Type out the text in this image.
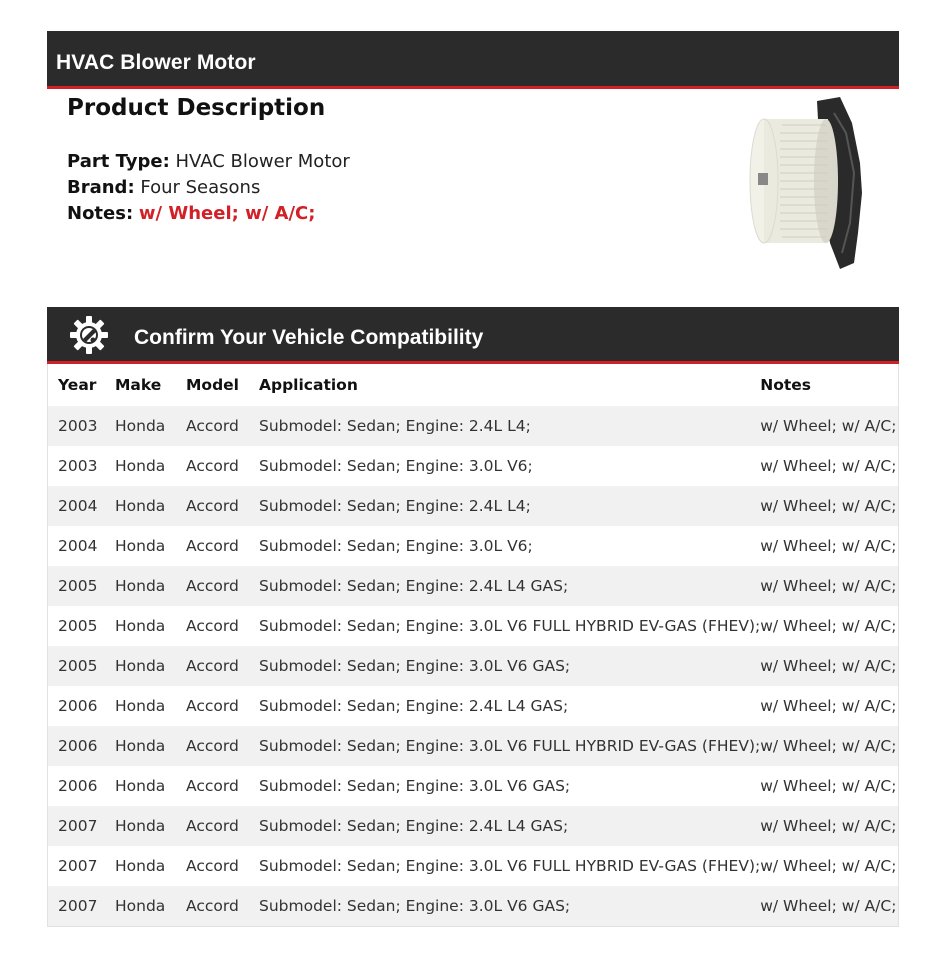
HVAC Blower Motor
Product Description
Part Type: HVAC Blower Motor
Brand: Four Seasons
Notes: w/ Wheel; w/ A/C;
Confirm Your Vehicle Compatibility
Year	Make	Model	Application	Notes
2003	Honda	Accord	Submodel: Sedan; Engine: 2.4L L4;	w/ Wheel; w/ A/C;
2003	Honda	Accord	Submodel: Sedan; Engine: 3.0L V6;	w/ Wheel; w/ A/C;
2004	Honda	Accord	Submodel: Sedan; Engine: 2.4L L4;	w/ Wheel; w/ A/C;
2004	Honda	Accord	Submodel: Sedan; Engine: 3.0L V6;	w/ Wheel; w/ A/C;
2005	Honda	Accord	Submodel: Sedan; Engine: 2.4L L4 GAS;	w/ Wheel; w/ A/C;
2005	Honda	Accord	Submodel: Sedan; Engine: 3.0L V6 FULL HYBRID EV-GAS (FHEV);	w/ Wheel; w/ A/C;
2005	Honda	Accord	Submodel: Sedan; Engine: 3.0L V6 GAS;	w/ Wheel; w/ A/C;
2006	Honda	Accord	Submodel: Sedan; Engine: 2.4L L4 GAS;	w/ Wheel; w/ A/C;
2006	Honda	Accord	Submodel: Sedan; Engine: 3.0L V6 FULL HYBRID EV-GAS (FHEV);	w/ Wheel; w/ A/C;
2006	Honda	Accord	Submodel: Sedan; Engine: 3.0L V6 GAS;	w/ Wheel; w/ A/C;
2007	Honda	Accord	Submodel: Sedan; Engine: 2.4L L4 GAS;	w/ Wheel; w/ A/C;
2007	Honda	Accord	Submodel: Sedan; Engine: 3.0L V6 FULL HYBRID EV-GAS (FHEV);	w/ Wheel; w/ A/C;
2007	Honda	Accord	Submodel: Sedan; Engine: 3.0L V6 GAS;	w/ Wheel; w/ A/C;
